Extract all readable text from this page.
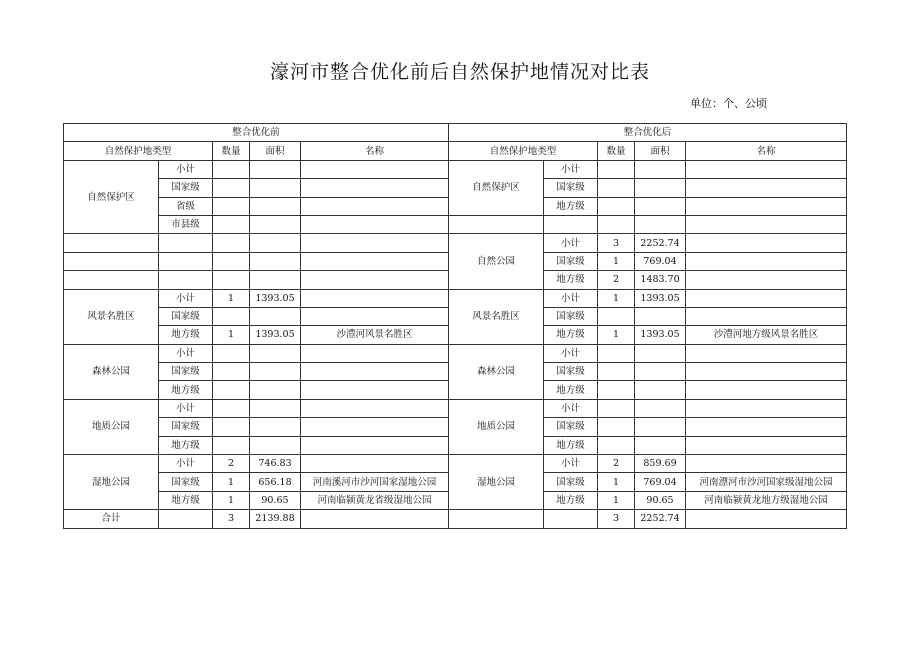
濠河市整合优化前后自然保护地情况对比表
单位：个、公顷
整合优化前					整合优化后				
自然保护地类型		数量	面积	名称	自然保护地类型		数量	面积	名称
自然保护区	小计				自然保护区	小计			
	国家级					国家级			
	省级					地方级			
	市县级								
					自然公园	小计	3	2252.74	
						国家级	1	769.04	
						地方级	2	1483.70	
风景名胜区	小计	1	1393.05		风景名胜区	小计	1	1393.05	
	国家级					国家级			
	地方级	1	1393.05	沙澧河风景名胜区		地方级	1	1393.05	沙澧河地方级风景名胜区
森林公园	小计				森林公园	小计			
	国家级					国家级			
	地方级					地方级			
地质公园	小计				地质公园	小计			
	国家级					国家级			
	地方级					地方级			
湿地公园	小计	2	746.83		湿地公园	小计	2	859.69	
	国家级	1	656.18	河南溪河市沙河国家湿地公园		国家级	1	769.04	河南漂河市沙河国家级湿地公园
	地方级	1	90.65	河南临颍黄龙省级湿地公园		地方级	1	90.65	河南临颍黄龙地方级湿地公园
合计		3	2139.88				3	2252.74	
